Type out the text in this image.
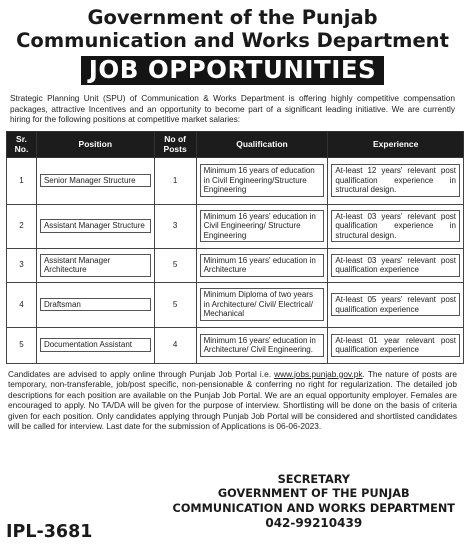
Government of the Punjab
Communication and Works Department
JOB OPPORTUNITIES
Strategic Planning Unit (SPU) of Communication & Works Department is offering highly competitive compensation packages, attractive Incentives and an opportunity to become part of a significant leading initiative. We are currently hiring for the following positions at competitive market salaries:
Sr. No.	Position	No of Posts	Qualification	Experience
1	Senior Manager Structure	1	Minimum 16 years of education in Civil Engineering/Structure Engineering	At-least 12 years' relevant post qualification experience in structural design.

2	Assistant Manager Structure	3	Minimum 16 years' education in Civil Engineering/ Structure Engineering	At-least 03 years' relevant post qualification experience in structural design.

3	Assistant Manager Architecture	5	Minimum 16 years' education in Architecture	At-least 03 years' relevant post qualification experience

4	Draftsman	5	Minimum Diploma of two years in Architecture/ Civil/ Electrical/ Mechanical	At-least 05 years' relevant post qualification experience

5	Documentation Assistant	4	Minimum 16 years' education in Architecture/ Civil Engineering.	At-least 01 year relevant post qualification experience
Candidates are advised to apply online through Punjab Job Portal i.e. www.jobs.punjab.gov.pk. The nature of posts are temporary, non-transferable, job/post specific, non-pensionable & conferring no right for regularization. The detailed job descriptions for each position are available on the Punjab Job Portal. We are an equal opportunity employer. Females are encouraged to apply. No TA/DA will be given for the purpose of interview. Shortlisting will be done on the basis of criteria given for each position. Only candidates applying through Punjab Job Portal will be considered and shortlisted candidates will be called for interview. Last date for the submission of Applications is 06-06-2023.
SECRETARY
GOVERNMENT OF THE PUNJAB
COMMUNICATION AND WORKS DEPARTMENT
042-99210439
IPL-3681
